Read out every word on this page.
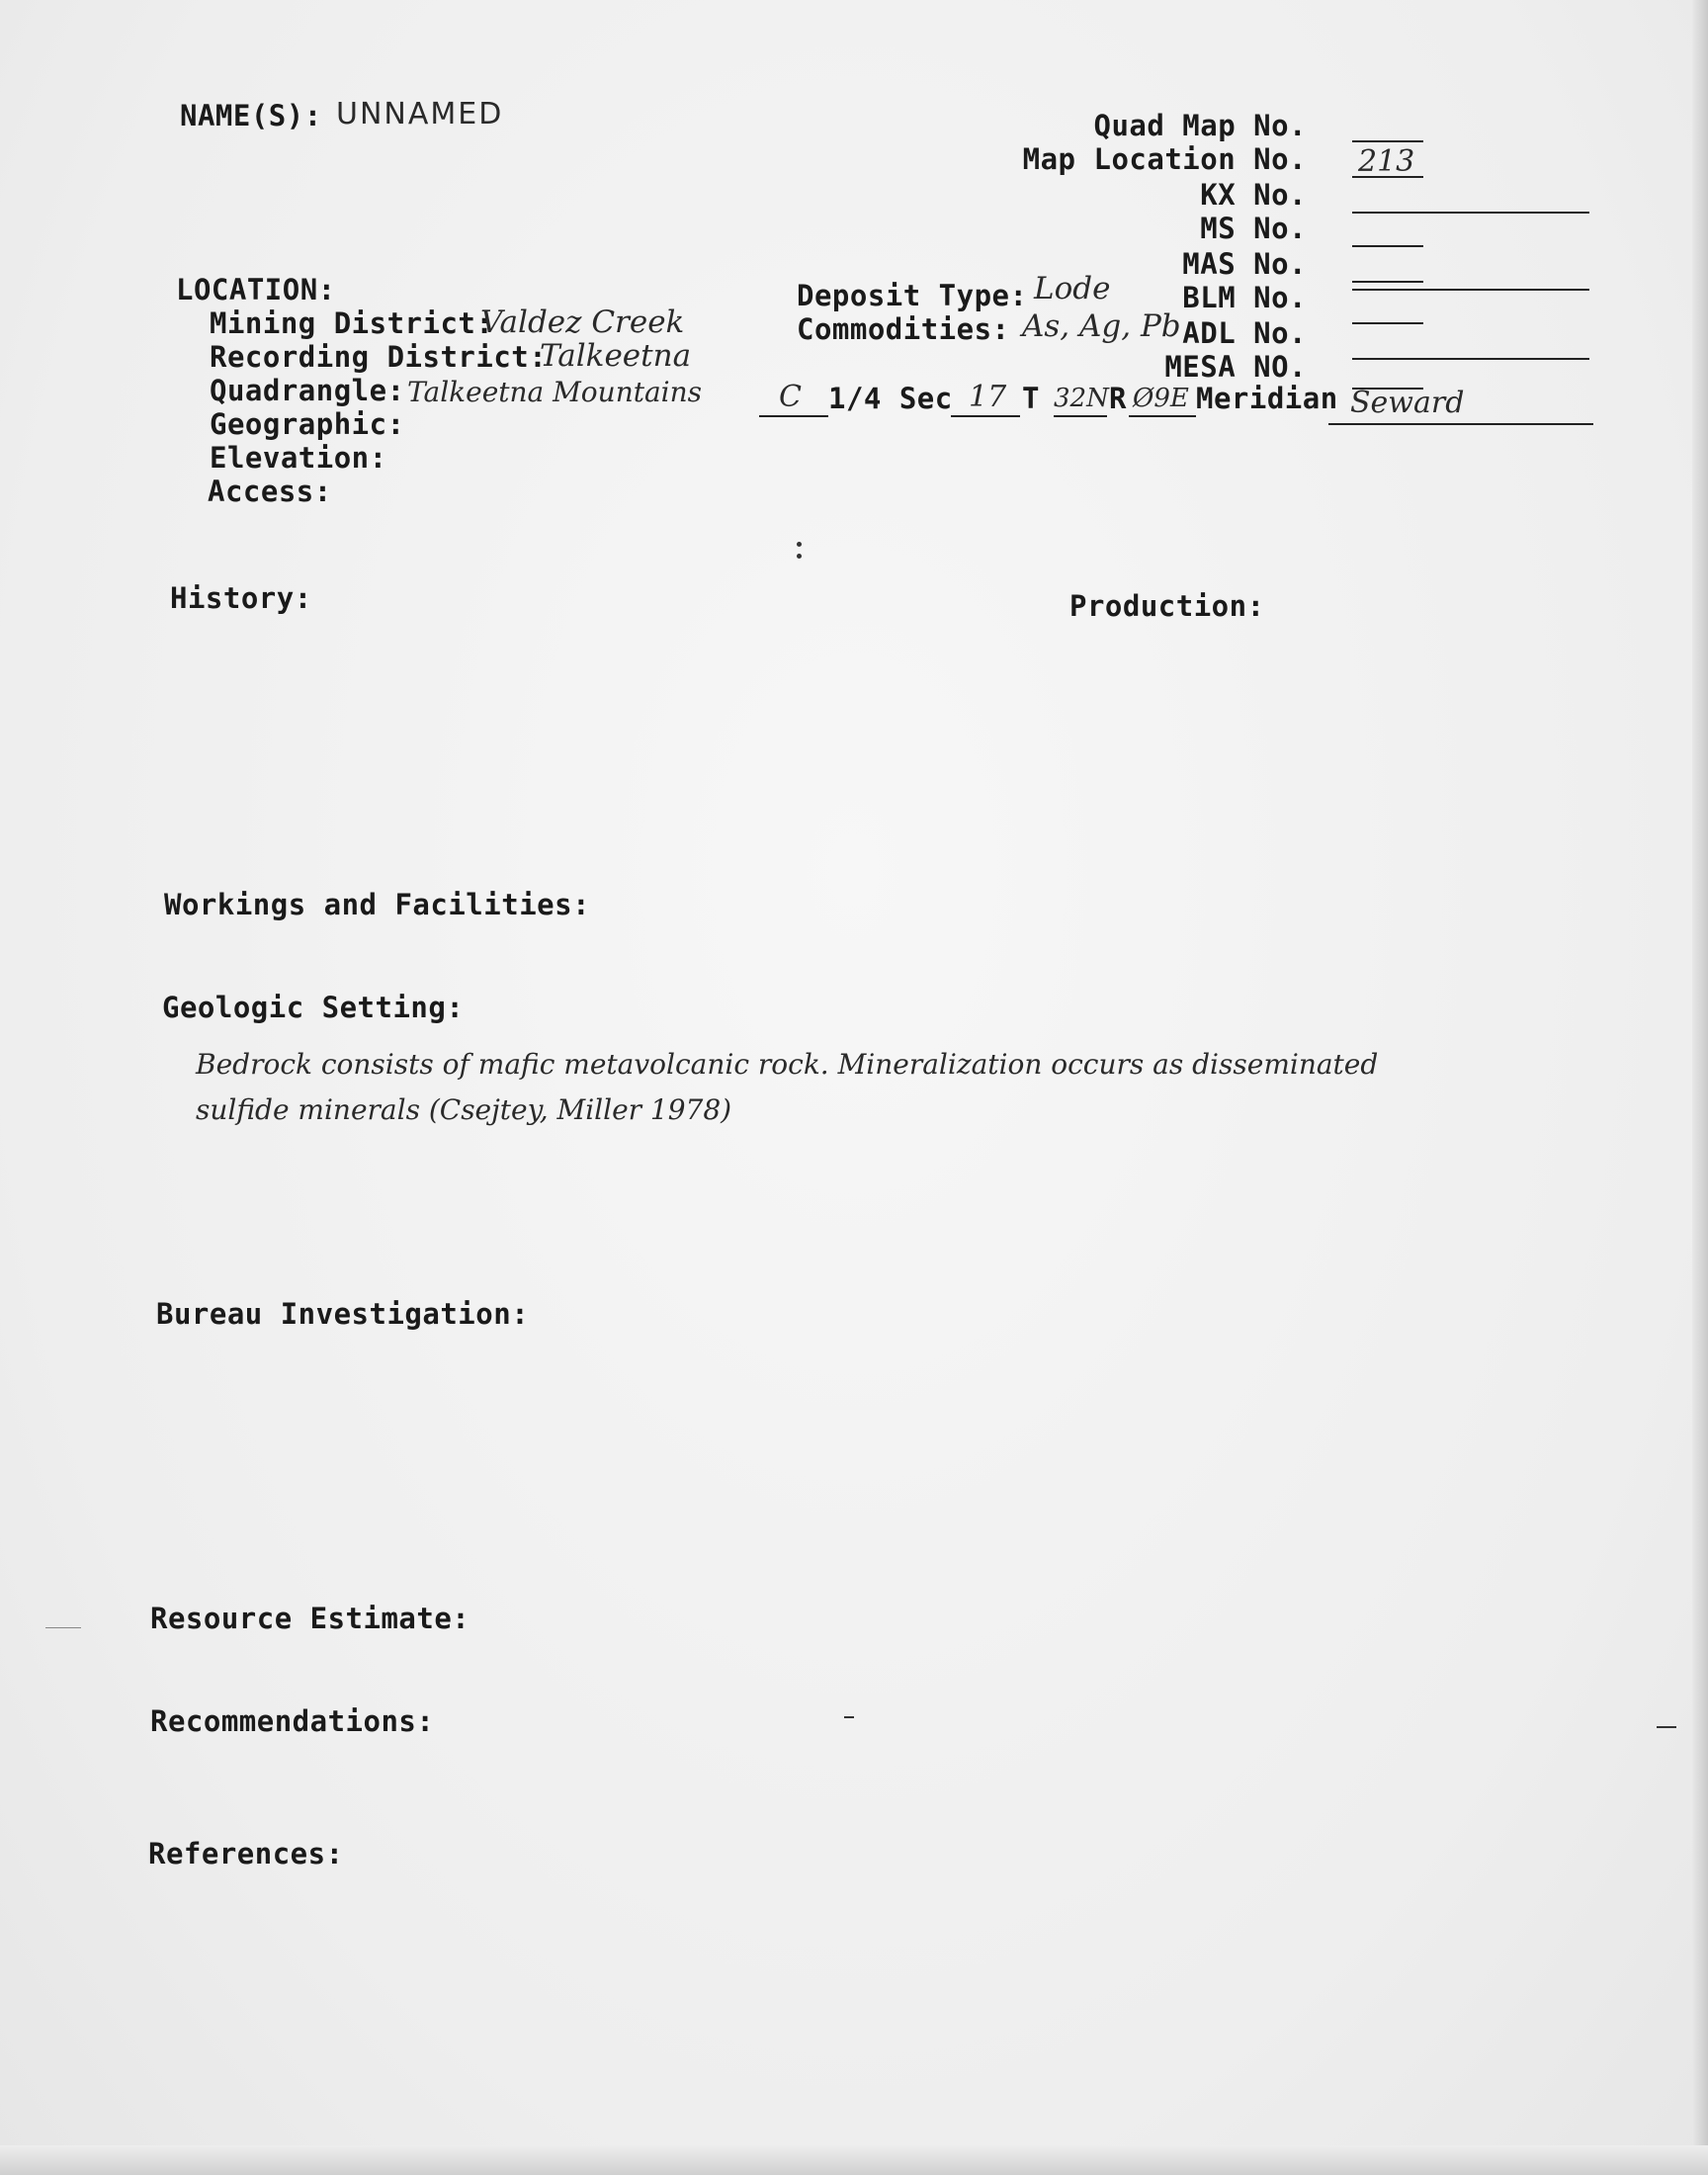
NAME(S): UNNAMED	Quad Map No.
Map Location No. 213
KX No.
MS No.
MAS No.
BLM No.
ADL No.
MESA NO.
LOCATION:
Mining District:
Valdez Creek
Recording District:
Talkeetna
Quadrangle: Talkeetna Mountains
Geographic:
Elevation:
Access:
Deposit Type: Lode
Commodities: As, Ag, Pb
C 1/4 Sec 17 T 32N R Ø9E Meridian Seward
History:	Production:
Workings and Facilities:
Geologic Setting:
Bedrock consists of mafic metavolcanic rock. Mineralization occurs as disseminated
sulfide minerals (Csejtey, Miller 1978)
Bureau Investigation:
Resource Estimate:
Recommendations:
References:
